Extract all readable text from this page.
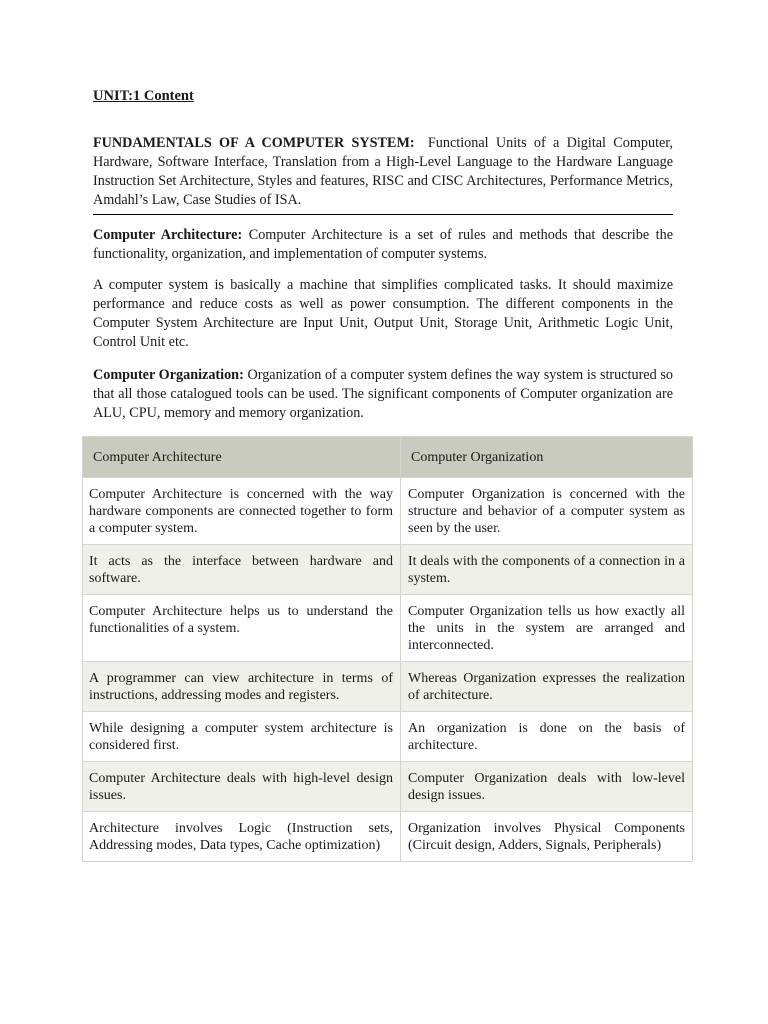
UNIT:1 Content
FUNDAMENTALS OF A COMPUTER SYSTEM: Functional Units of a Digital Computer, Hardware, Software Interface, Translation from a High-Level Language to the Hardware Language Instruction Set Architecture, Styles and features, RISC and CISC Architectures, Performance Metrics, Amdahl’s Law, Case Studies of ISA.

Computer Architecture: Computer Architecture is a set of rules and methods that describe the functionality, organization, and implementation of computer systems.

A computer system is basically a machine that simplifies complicated tasks. It should maximize performance and reduce costs as well as power consumption. The different components in the Computer System Architecture are Input Unit, Output Unit, Storage Unit, Arithmetic Logic Unit, Control Unit etc.

Computer Organization: Organization of a computer system defines the way system is structured so that all those catalogued tools can be used. The significant components of Computer organization are ALU, CPU, memory and memory organization.

Computer Architecture	Computer Organization
Computer Architecture is concerned with the way hardware components are connected together to form a computer system.	Computer Organization is concerned with the structure and behavior of a computer system as seen by the user.
It acts as the interface between hardware and software.	It deals with the components of a connection in a system.
Computer Architecture helps us to understand the functionalities of a system.	Computer Organization tells us how exactly all the units in the system are arranged and interconnected.
A programmer can view architecture in terms of instructions, addressing modes and registers.	Whereas Organization expresses the realization of architecture.
While designing a computer system architecture is considered first.	An organization is done on the basis of architecture.
Computer Architecture deals with high-level design issues.	Computer Organization deals with low-level design issues.
Architecture involves Logic (Instruction sets, Addressing modes, Data types, Cache optimization)	Organization involves Physical Components (Circuit design, Adders, Signals, Peripherals)
